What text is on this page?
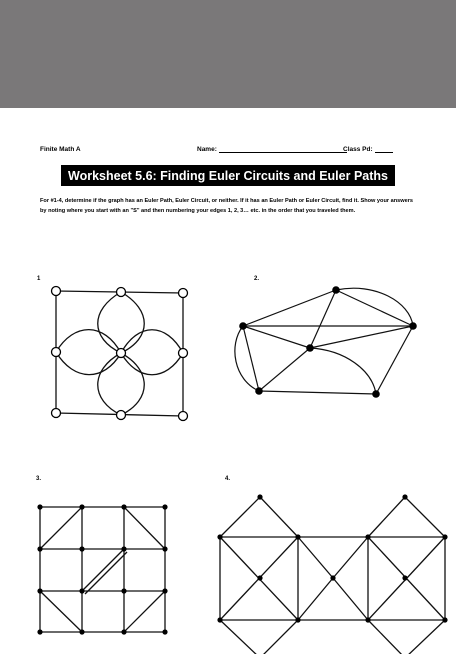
Finite Math A	Name:	Class Pd:
Worksheet 5.6: Finding Euler Circuits and Euler Paths
For #1-4, determine if the graph has an Euler Path, Euler Circuit, or neither. If it has an Euler Path or Euler Circuit, find it. Show your answers by noting where you start with an "S" and then numbering your edges 1, 2, 3… etc. in the order that you traveled them.
1	2.
3.	4.
